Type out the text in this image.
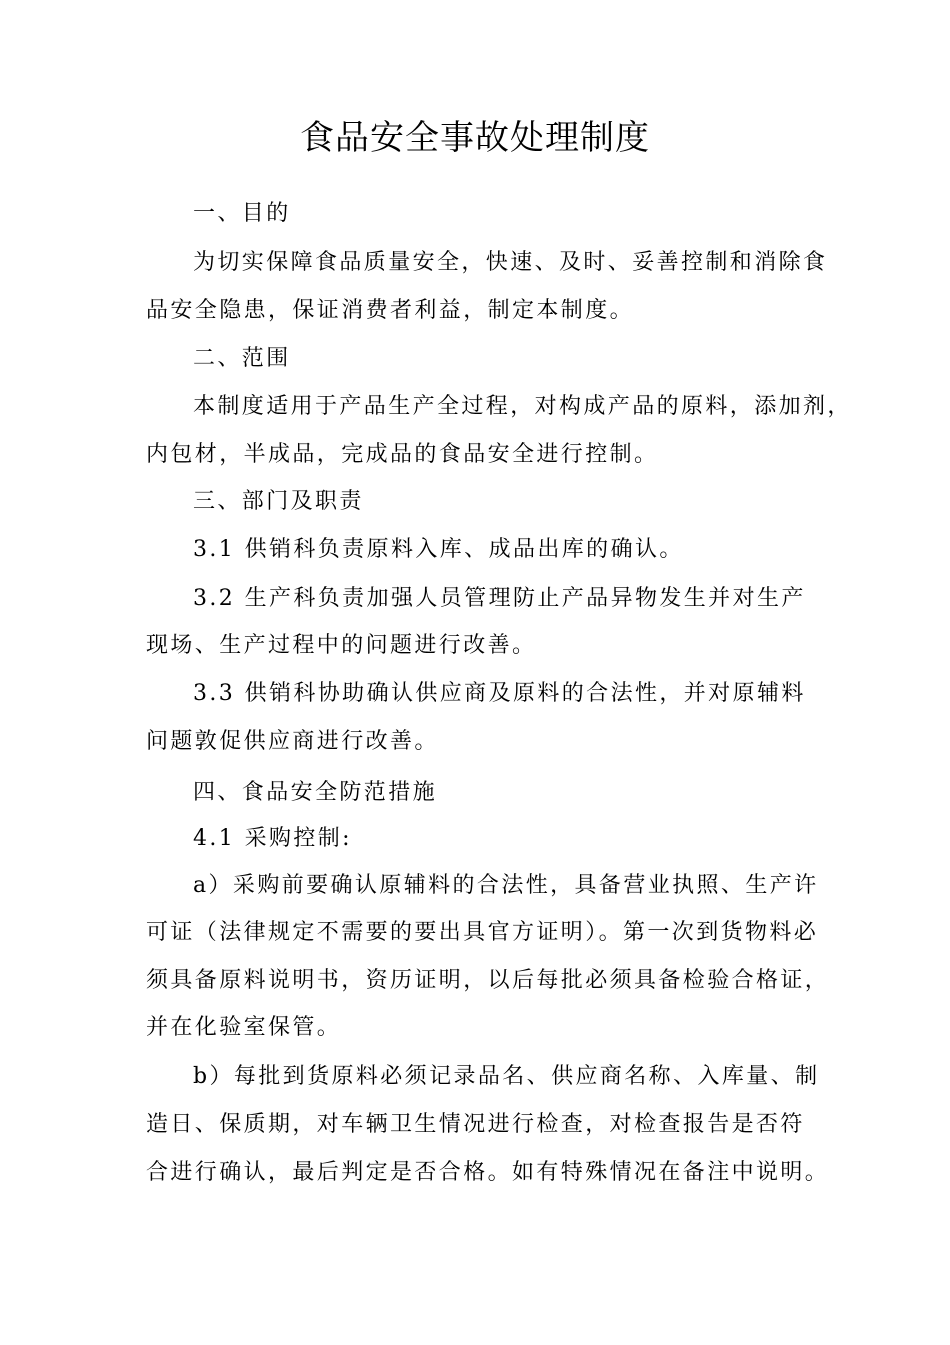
食品安全事故处理制度
一、目的
为切实保障食品质量安全，快速、及时、妥善控制和消除食
品安全隐患，保证消费者利益，制定本制度。
二、范围
本制度适用于产品生产全过程，对构成产品的原料，添加剂，
内包材，半成品，完成品的食品安全进行控制。
三、部门及职责
3.1 供销科负责原料入库、成品出库的确认。
3.2 生产科负责加强人员管理防止产品异物发生并对生产
现场、生产过程中的问题进行改善。
3.3 供销科协助确认供应商及原料的合法性，并对原辅料
问题敦促供应商进行改善。
四、食品安全防范措施
4.1 采购控制:
a）采购前要确认原辅料的合法性，具备营业执照、生产许
可证（法律规定不需要的要出具官方证明）。第一次到货物料必
须具备原料说明书，资历证明，以后每批必须具备检验合格证，
并在化验室保管。
b）每批到货原料必须记录品名、供应商名称、入库量、制
造日、保质期，对车辆卫生情况进行检查，对检查报告是否符
合进行确认，最后判定是否合格。如有特殊情况在备注中说明。
